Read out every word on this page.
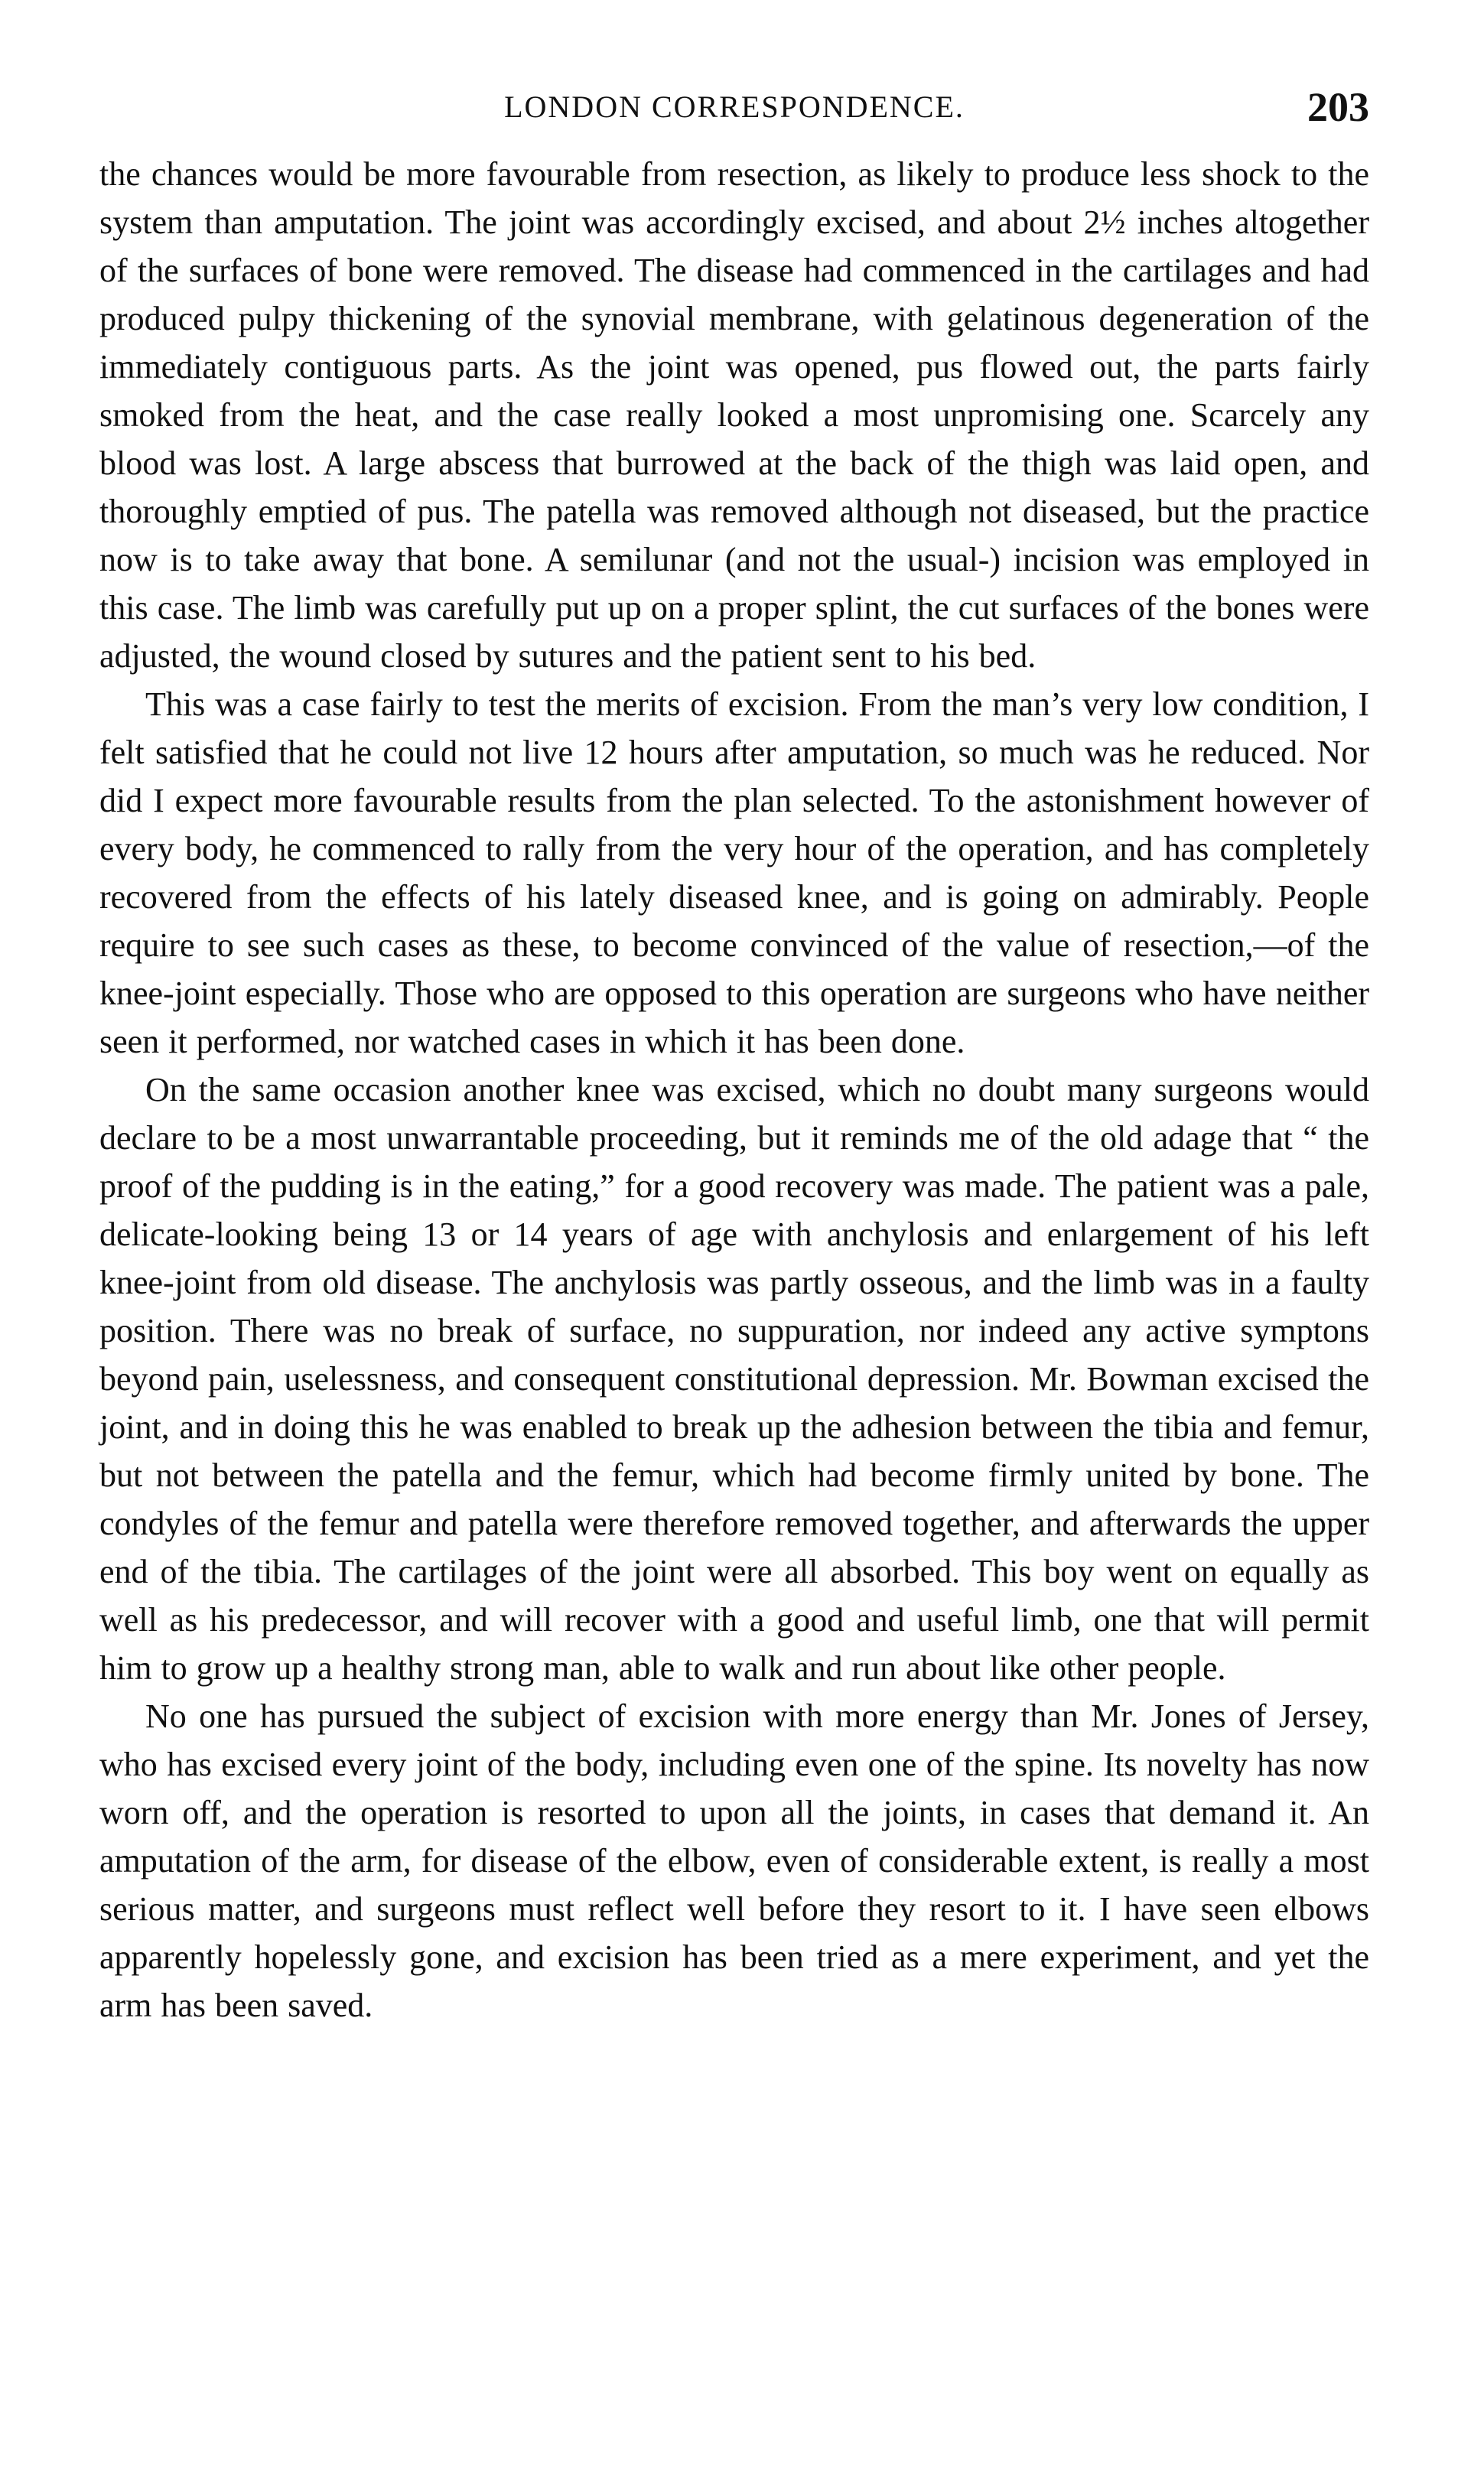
LONDON CORRESPONDENCE.	203

the chances would be more favourable from resection, as likely to produce less shock to the system than amputation. The joint was accordingly excised, and about 2½ inches altogether of the surfaces of bone were removed. The disease had commenced in the cartilages and had produced pulpy thickening of the synovial membrane, with gelatinous degeneration of the immediately contiguous parts. As the joint was opened, pus flowed out, the parts fairly smoked from the heat, and the case really looked a most unpromising one. Scarcely any blood was lost. A large abscess that burrowed at the back of the thigh was laid open, and thoroughly emptied of pus. The patella was removed although not diseased, but the practice now is to take away that bone. A semilunar (and not the usual-) incision was employed in this case. The limb was carefully put up on a proper splint, the cut surfaces of the bones were adjusted, the wound closed by sutures and the patient sent to his bed.

This was a case fairly to test the merits of excision. From the man’s very low condition, I felt satisfied that he could not live 12 hours after amputation, so much was he reduced. Nor did I expect more favourable results from the plan selected. To the astonishment however of every body, he commenced to rally from the very hour of the operation, and has completely recovered from the effects of his lately diseased knee, and is going on admirably. People require to see such cases as these, to become convinced of the value of resection,—of the knee-joint especially. Those who are opposed to this operation are surgeons who have neither seen it performed, nor watched cases in which it has been done.

On the same occasion another knee was excised, which no doubt many surgeons would declare to be a most unwarrantable proceeding, but it reminds me of the old adage that “ the proof of the pudding is in the eating,” for a good recovery was made. The patient was a pale, delicate-looking being 13 or 14 years of age with anchylosis and enlargement of his left knee-joint from old disease. The anchylosis was partly osseous, and the limb was in a faulty position. There was no break of surface, no suppuration, nor indeed any active symptons beyond pain, uselessness, and consequent constitutional depression. Mr. Bowman excised the joint, and in doing this he was enabled to break up the adhesion between the tibia and femur, but not between the patella and the femur, which had become firmly united by bone. The condyles of the femur and patella were therefore removed together, and afterwards the upper end of the tibia. The cartilages of the joint were all absorbed. This boy went on equally as well as his predecessor, and will recover with a good and useful limb, one that will permit him to grow up a healthy strong man, able to walk and run about like other people.

No one has pursued the subject of excision with more energy than Mr. Jones of Jersey, who has excised every joint of the body, including even one of the spine. Its novelty has now worn off, and the operation is resorted to upon all the joints, in cases that demand it. An amputation of the arm, for disease of the elbow, even of considerable extent, is really a most serious matter, and surgeons must reflect well before they resort to it. I have seen elbows apparently hopelessly gone, and excision has been tried as a mere experiment, and yet the arm has been saved.
